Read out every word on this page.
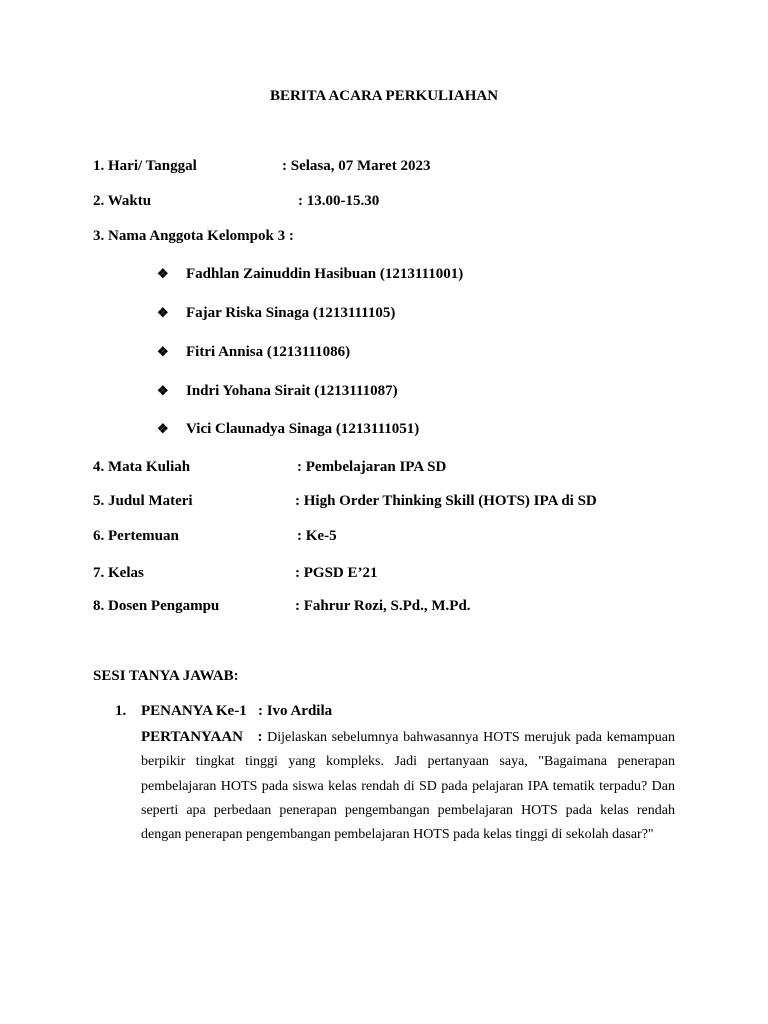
BERITA ACARA PERKULIAHAN
1. Hari/ Tanggal	: Selasa, 07 Maret 2023
2. Waktu	: 13.00-15.30
3. Nama Anggota Kelompok 3 :
❖ Fadhlan Zainuddin Hasibuan (1213111001)
❖ Fajar Riska Sinaga (1213111105)
❖ Fitri Annisa (1213111086)
❖ Indri Yohana Sirait (1213111087)
❖ Vici Claunadya Sinaga (1213111051)
4. Mata Kuliah	: Pembelajaran IPA SD
5. Judul Materi	: High Order Thinking Skill (HOTS) IPA di SD
6. Pertemuan	: Ke-5
7. Kelas	: PGSD E’21
8. Dosen Pengampu	: Fahrur Rozi, S.Pd., M.Pd.
SESI TANYA JAWAB:
1. PENANYA Ke-1   : Ivo Ardila
PERTANYAAN   : Dijelaskan sebelumnya bahwasannya HOTS merujuk pada kemampuan berpikir tingkat tinggi yang kompleks. Jadi pertanyaan saya, "Bagaimana penerapan pembelajaran HOTS pada siswa kelas rendah di SD pada pelajaran IPA tematik terpadu? Dan seperti apa perbedaan penerapan pengembangan pembelajaran HOTS pada kelas rendah dengan penerapan pengembangan pembelajaran HOTS pada kelas tinggi di sekolah dasar?"
